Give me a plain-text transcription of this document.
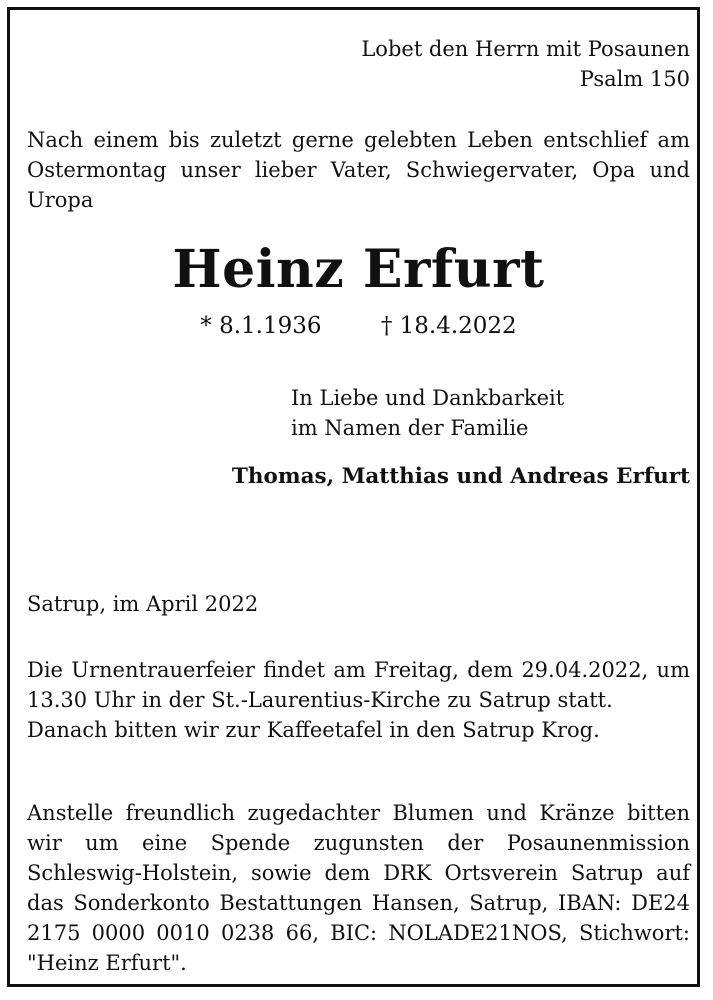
Lobet den Herrn mit Posaunen
Psalm 150

Nach einem bis zuletzt gerne gelebten Leben entschlief am Ostermontag unser lieber Vater, Schwiegervater, Opa und Uropa

Heinz Erfurt
* 8.1.1936	† 18.4.2022
In Liebe und Dankbarkeit
im Namen der Familie
Thomas, Matthias und Andreas Erfurt
Satrup, im April 2022

Die Urnentrauerfeier findet am Freitag, dem 29.04.2022, um 13.30 Uhr in der St.-Laurentius-Kirche zu Satrup statt.

Danach bitten wir zur Kaffeetafel in den Satrup Krog.

Anstelle freundlich zugedachter Blumen und Kränze bitten wir um eine Spende zugunsten der Posaunenmission Schleswig-Holstein, sowie dem DRK Ortsverein Satrup auf das Sonderkonto Bestattungen Hansen, Satrup, IBAN: DE24 2175 0000 0010 0238 66, BIC: NOLADE21NOS, Stichwort: "Heinz Erfurt".
